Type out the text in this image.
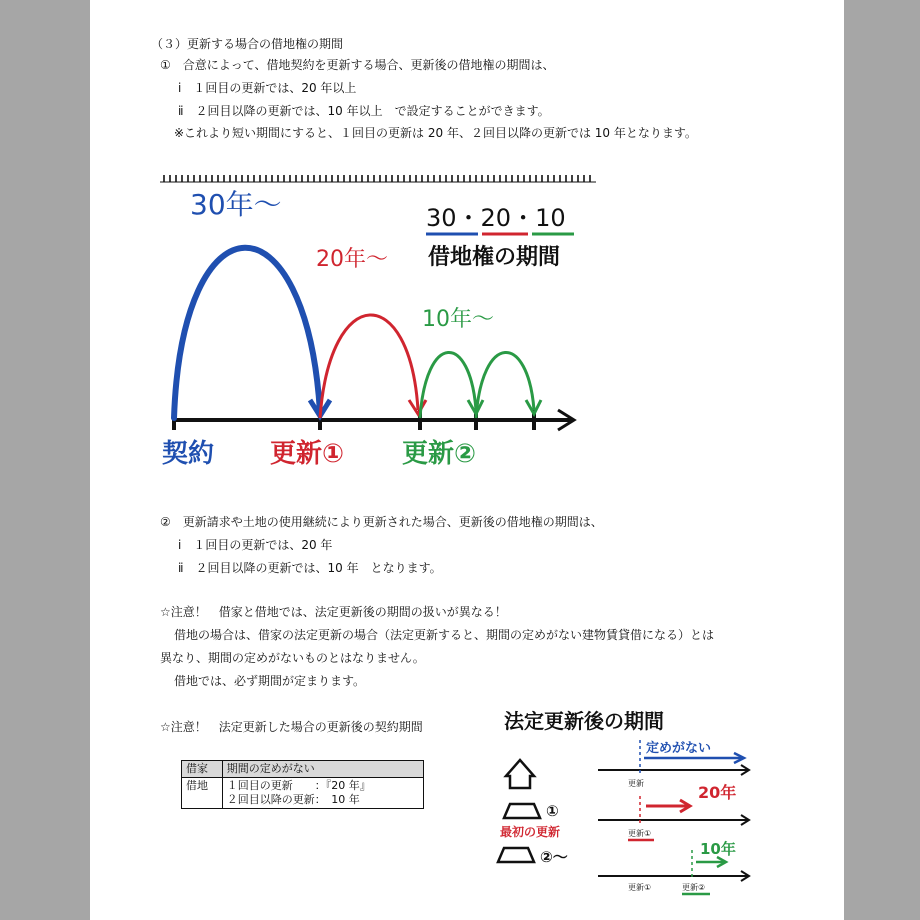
（３）更新する場合の借地権の期間
①　合意によって、借地契約を更新する場合、更新後の借地権の期間は、
ⅰ　１回目の更新では、20 年以上
ⅱ　２回目以降の更新では、10 年以上　で設定することができます。
※これより短い期間にすると、１回目の更新は 20 年、２回目以降の更新では 10 年となります。
30年～
20年～
10年～
30・20・10
借地権の期間
契約 更新① 更新②
②　更新請求や土地の使用継続により更新された場合、更新後の借地権の期間は、
ⅰ　１回目の更新では、20 年
ⅱ　２回目以降の更新では、10 年　となります。
☆注意！　借家と借地では、法定更新後の期間の扱いが異なる！
借地の場合は、借家の法定更新の場合（法定更新すると、期間の定めがない建物賃貸借になる）とは
異なり、期間の定めがないものとはなりません。
借地では、必ず期間が定まります。
☆注意！　法定更新した場合の更新後の契約期間
借家	期間の定めがない
借地	１回目の更新　　：『20 年』
２回目以降の更新：　10 年
法定更新後の期間
①
最初の更新
②～
定めがない
更新	20年
更新①
10年
更新①	更新②
